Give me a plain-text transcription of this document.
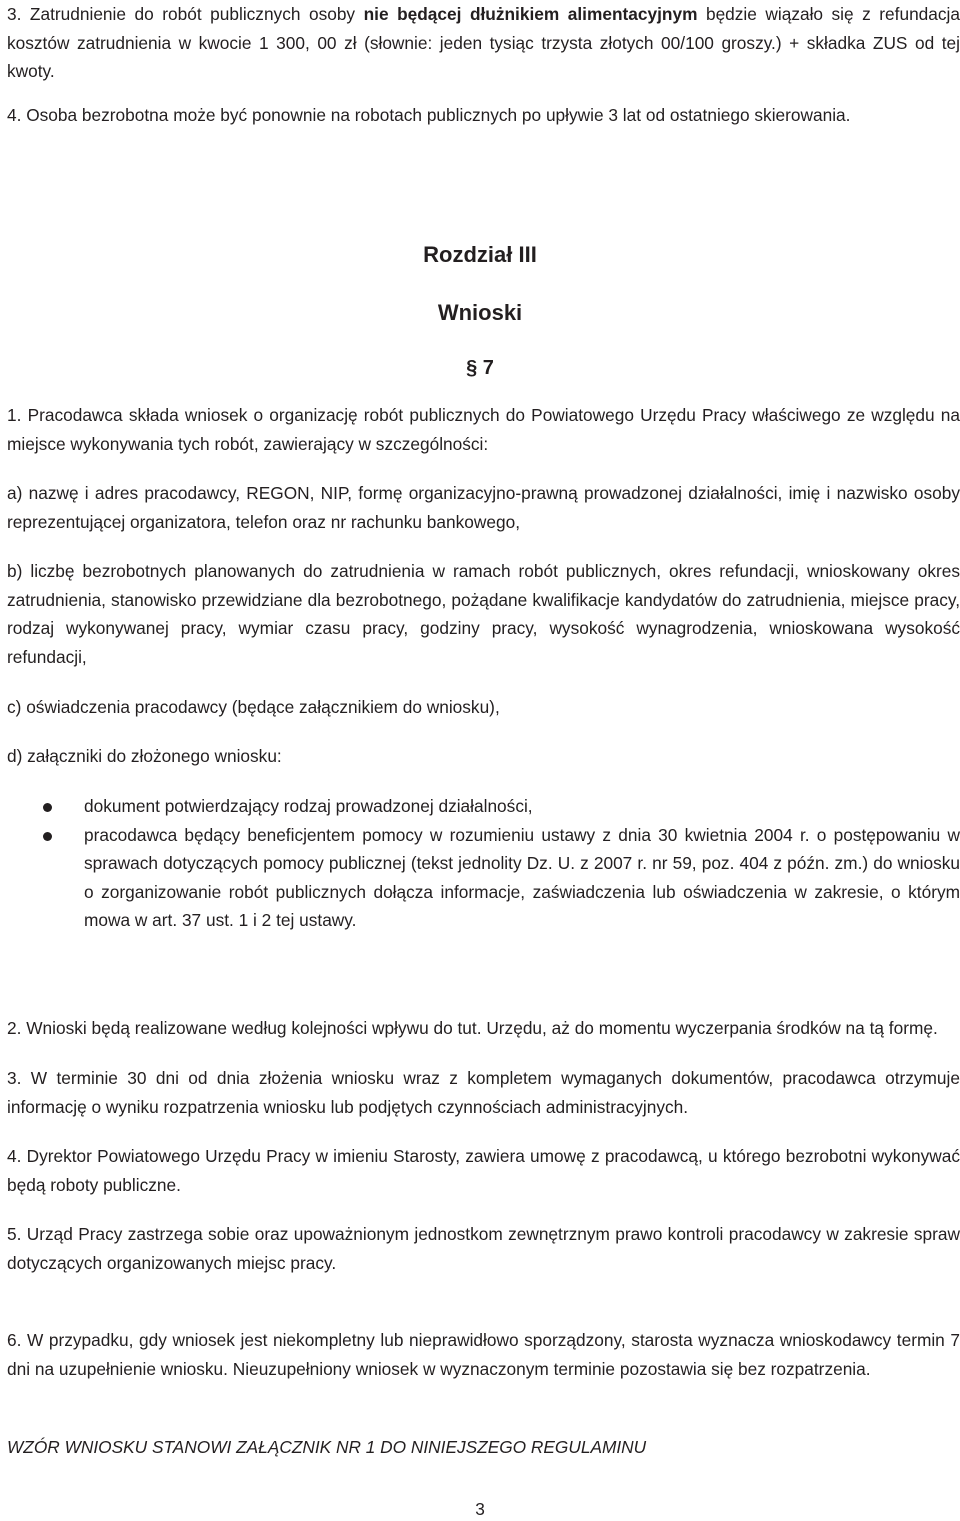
3. Zatrudnienie do robót publicznych osoby nie będącej dłużnikiem alimentacyjnym będzie wiązało się z refundacja kosztów zatrudnienia w kwocie 1 300, 00 zł (słownie: jeden tysiąc trzysta złotych 00/100 groszy.) + składka ZUS od tej kwoty.

4. Osoba bezrobotna może być ponownie na robotach publicznych po upływie 3 lat od ostatniego skierowania.

Rozdział III
Wnioski
§ 7

1. Pracodawca składa wniosek o organizację robót publicznych do Powiatowego Urzędu Pracy właściwego ze względu na miejsce wykonywania tych robót, zawierający w szczególności:

a) nazwę i adres pracodawcy, REGON, NIP, formę organizacyjno-prawną prowadzonej działalności, imię i nazwisko osoby reprezentującej organizatora, telefon oraz nr rachunku bankowego,

b) liczbę bezrobotnych planowanych do zatrudnienia w ramach robót publicznych, okres refundacji, wnioskowany okres zatrudnienia, stanowisko przewidziane dla bezrobotnego, pożądane kwalifikacje kandydatów do zatrudnienia, miejsce pracy, rodzaj wykonywanej pracy, wymiar czasu pracy, godziny pracy, wysokość wynagrodzenia, wnioskowana wysokość refundacji,

c) oświadczenia pracodawcy (będące załącznikiem do wniosku),

d) załączniki do złożonego wniosku:

dokument potwierdzający rodzaj prowadzonej działalności,
pracodawca będący beneficjentem pomocy w rozumieniu ustawy z dnia 30 kwietnia 2004 r. o postępowaniu w sprawach dotyczących pomocy publicznej (tekst jednolity Dz. U. z 2007 r. nr 59, poz. 404 z późn. zm.) do wniosku o zorganizowanie robót publicznych dołącza informacje, zaświadczenia lub oświadczenia w zakresie, o którym mowa w art. 37 ust. 1 i 2 tej ustawy.

2. Wnioski będą realizowane według kolejności wpływu do tut. Urzędu, aż do momentu wyczerpania środków na tą formę.

3. W terminie 30 dni od dnia złożenia wniosku wraz z kompletem wymaganych dokumentów, pracodawca otrzymuje informację o wyniku rozpatrzenia wniosku lub podjętych czynnościach administracyjnych.

4. Dyrektor Powiatowego Urzędu Pracy w imieniu Starosty, zawiera umowę z pracodawcą, u którego bezrobotni wykonywać będą roboty publiczne.

5. Urząd Pracy zastrzega sobie oraz upoważnionym jednostkom zewnętrznym prawo kontroli pracodawcy w zakresie spraw dotyczących organizowanych miejsc pracy.

6. W przypadku, gdy wniosek jest niekompletny lub nieprawidłowo sporządzony, starosta wyznacza wnioskodawcy termin 7 dni na uzupełnienie wniosku. Nieuzupełniony wniosek w wyznaczonym terminie pozostawia się bez rozpatrzenia.

WZÓR WNIOSKU STANOWI ZAŁĄCZNIK NR 1 DO NINIEJSZEGO REGULAMINU

3
